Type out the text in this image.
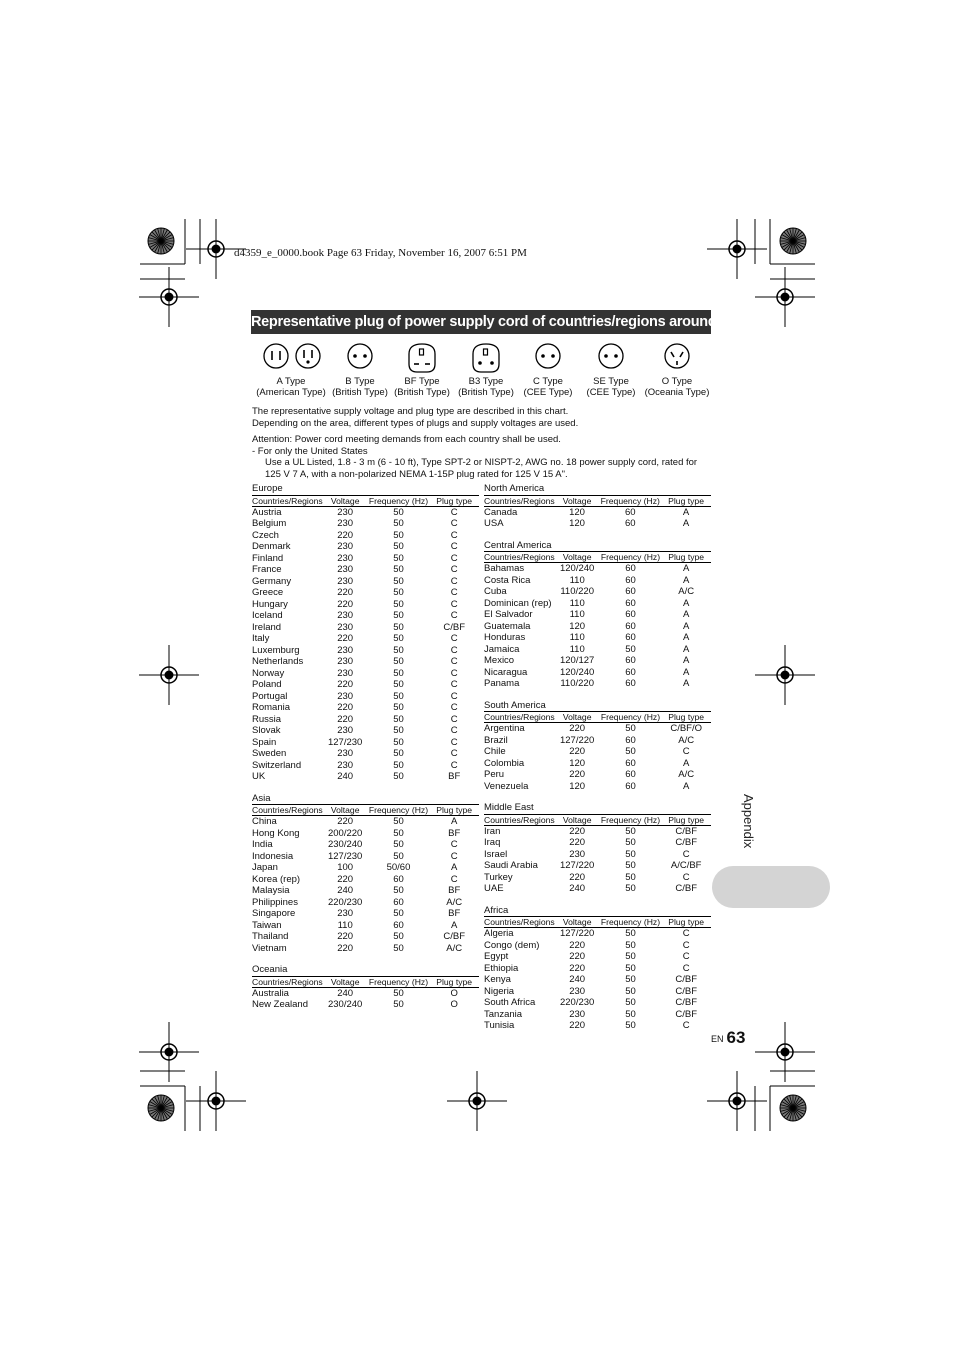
d4359_e_0000.book Page 63 Friday, November 16, 2007 6:51 PM
Representative plug of power supply cord of countries/regions around the world
A Type
(American Type)
B Type
(British Type)
BF Type
(British Type)
B3 Type
(British Type)
C Type
(CEE Type)
SE Type
(CEE Type)
O Type
(Oceania Type)

The representative supply voltage and plug type are described in this chart.

Depending on the area, different types of plugs and supply voltages are used.

Attention: Power cord meeting demands from each country shall be used.

- For only the United States

Use a UL Listed, 1.8 - 3 m (6 - 10 ft), Type SPT-2 or NISPT-2, AWG no. 18 power supply cord, rated for

125 V 7 A, with a non-polarized NEMA 1-15P plug rated for 125 V 15 A".

Europe
Countries/Regions	Voltage	Frequency (Hz)	Plug type
Austria	230	50	C
Belgium	230	50	C
Czech	220	50	C
Denmark	230	50	C
Finland	230	50	C
France	230	50	C
Germany	230	50	C
Greece	220	50	C
Hungary	220	50	C
Iceland	230	50	C
Ireland	230	50	C/BF
Italy	220	50	C
Luxemburg	230	50	C
Netherlands	230	50	C
Norway	230	50	C
Poland	220	50	C
Portugal	230	50	C
Romania	220	50	C
Russia	220	50	C
Slovak	230	50	C
Spain	127/230	50	C
Sweden	230	50	C
Switzerland	230	50	C
UK	240	50	BF
Asia
Countries/Regions	Voltage	Frequency (Hz)	Plug type
China	220	50	A
Hong Kong	200/220	50	BF
India	230/240	50	C
Indonesia	127/230	50	C
Japan	100	50/60	A
Korea (rep)	220	60	C
Malaysia	240	50	BF
Philippines	220/230	60	A/C
Singapore	230	50	BF
Taiwan	110	60	A
Thailand	220	50	C/BF
Vietnam	220	50	A/C
Oceania
Countries/Regions	Voltage	Frequency (Hz)	Plug type
Australia	240	50	O
New Zealand	230/240	50	O
North America
Countries/Regions	Voltage	Frequency (Hz)	Plug type
Canada	120	60	A
USA	120	60	A
Central America
Countries/Regions	Voltage	Frequency (Hz)	Plug type
Bahamas	120/240	60	A
Costa Rica	110	60	A
Cuba	110/220	60	A/C
Dominican (rep)	110	60	A
El Salvador	110	60	A
Guatemala	120	60	A
Honduras	110	60	A
Jamaica	110	50	A
Mexico	120/127	60	A
Nicaragua	120/240	60	A
Panama	110/220	60	A
South America
Countries/Regions	Voltage	Frequency (Hz)	Plug type
Argentina	220	50	C/BF/O
Brazil	127/220	60	A/C
Chile	220	50	C
Colombia	120	60	A
Peru	220	60	A/C
Venezuela	120	60	A
Middle East
Countries/Regions	Voltage	Frequency (Hz)	Plug type
Iran	220	50	C/BF
Iraq	220	50	C/BF
Israel	230	50	C
Saudi Arabia	127/220	50	A/C/BF
Turkey	220	50	C
UAE	240	50	C/BF
Africa
Countries/Regions	Voltage	Frequency (Hz)	Plug type
Algeria	127/220	50	C
Congo (dem)	220	50	C
Egypt	220	50	C
Ethiopia	220	50	C
Kenya	240	50	C/BF
Nigeria	230	50	C/BF
South Africa	220/230	50	C/BF
Tanzania	230	50	C/BF
Tunisia	220	50	C
Appendix
EN 63
